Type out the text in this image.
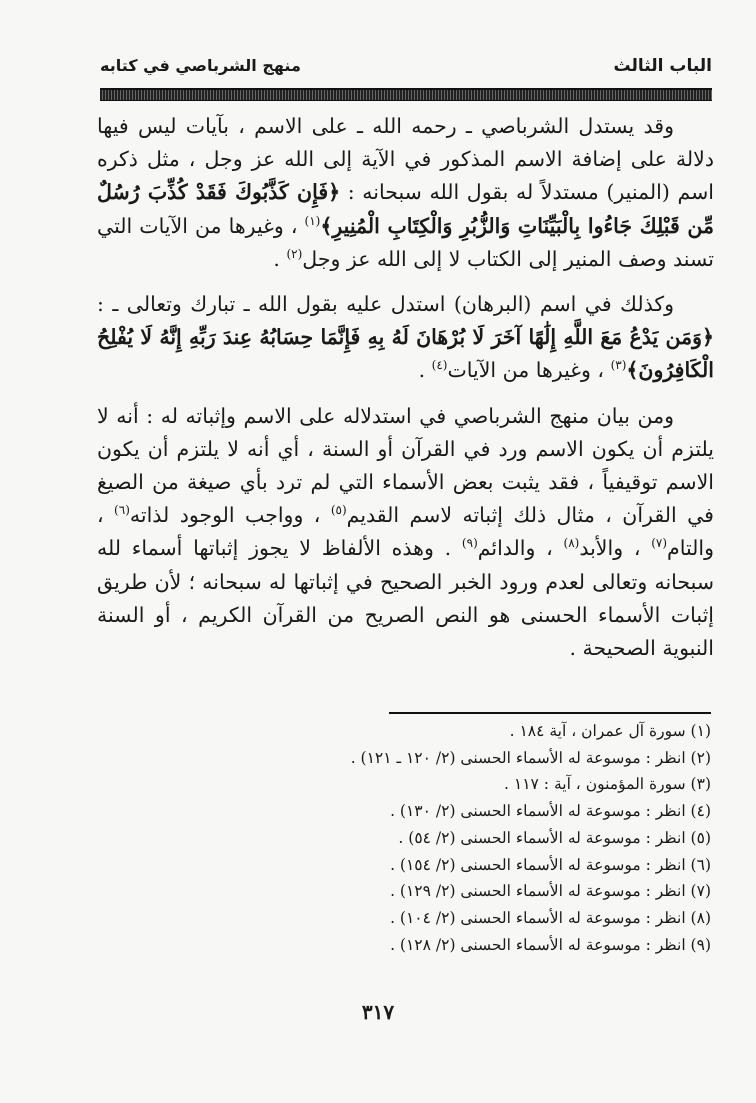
الباب الثالث
منهج الشرباصي في كتابه

وقد يستدل الشرباصي ـ رحمه الله ـ على الاسم ، بآيات ليس فيها دلالة على إضافة الاسم المذكور في الآية إلى الله عز وجل ، مثل ذكره اسم (المنير) مستدلاً له بقول الله سبحانه : ﴿فَإِن كَذَّبُوكَ فَقَدْ كُذِّبَ رُسُلٌ مِّن قَبْلِكَ جَاءُوا بِالْبَيِّنَاتِ وَالزُّبُرِ وَالْكِتَابِ الْمُنِيرِ﴾$^{(١)}$ ، وغيرها من الآيات التي تسند وصف المنير إلى الكتاب لا إلى الله عز وجل$^{(٢)}$ .

وكذلك في اسم (البرهان) استدل عليه بقول الله ـ تبارك وتعالى ـ : ﴿وَمَن يَدْعُ مَعَ اللَّهِ إِلَٰهًا آخَرَ لَا بُرْهَانَ لَهُ بِهِ فَإِنَّمَا حِسَابُهُ عِندَ رَبِّهِ إِنَّهُ لَا يُفْلِحُ الْكَافِرُونَ﴾$^{(٣)}$ ، وغيرها من الآيات$^{(٤)}$ .

ومن بيان منهج الشرباصي في استدلاله على الاسم وإثباته له : أنه لا يلتزم أن يكون الاسم ورد في القرآن أو السنة ، أي أنه لا يلتزم أن يكون الاسم توقيفياً ، فقد يثبت بعض الأسماء التي لم ترد بأي صيغة من الصيغ في القرآن ، مثال ذلك إثباته لاسم القديم$^{(٥)}$ ، وواجب الوجود لذاته$^{(٦)}$ ، والتام$^{(٧)}$ ، والأبد$^{(٨)}$ ، والدائم$^{(٩)}$ . وهذه الألفاظ لا يجوز إثباتها أسماء لله سبحانه وتعالى لعدم ورود الخبر الصحيح في إثباتها له سبحانه ؛ لأن طريق إثبات الأسماء الحسنى هو النص الصريح من القرآن الكريم ، أو السنة النبوية الصحيحة .

(١) سورة آل عمران ، آية ١٨٤ .
(٢) انظر : موسوعة له الأسماء الحسنى (٢/ ١٢٠ ـ ١٢١) .
(٣) سورة المؤمنون ، آية : ١١٧ .
(٤) انظر : موسوعة له الأسماء الحسنى (٢/ ١٣٠) .
(٥) انظر : موسوعة له الأسماء الحسنى (٢/ ٥٤) .
(٦) انظر : موسوعة له الأسماء الحسنى (٢/ ١٥٤) .
(٧) انظر : موسوعة له الأسماء الحسنى (٢/ ١٢٩) .
(٨) انظر : موسوعة له الأسماء الحسنى (٢/ ١٠٤) .
(٩) انظر : موسوعة له الأسماء الحسنى (٢/ ١٢٨) .
٣١٧
